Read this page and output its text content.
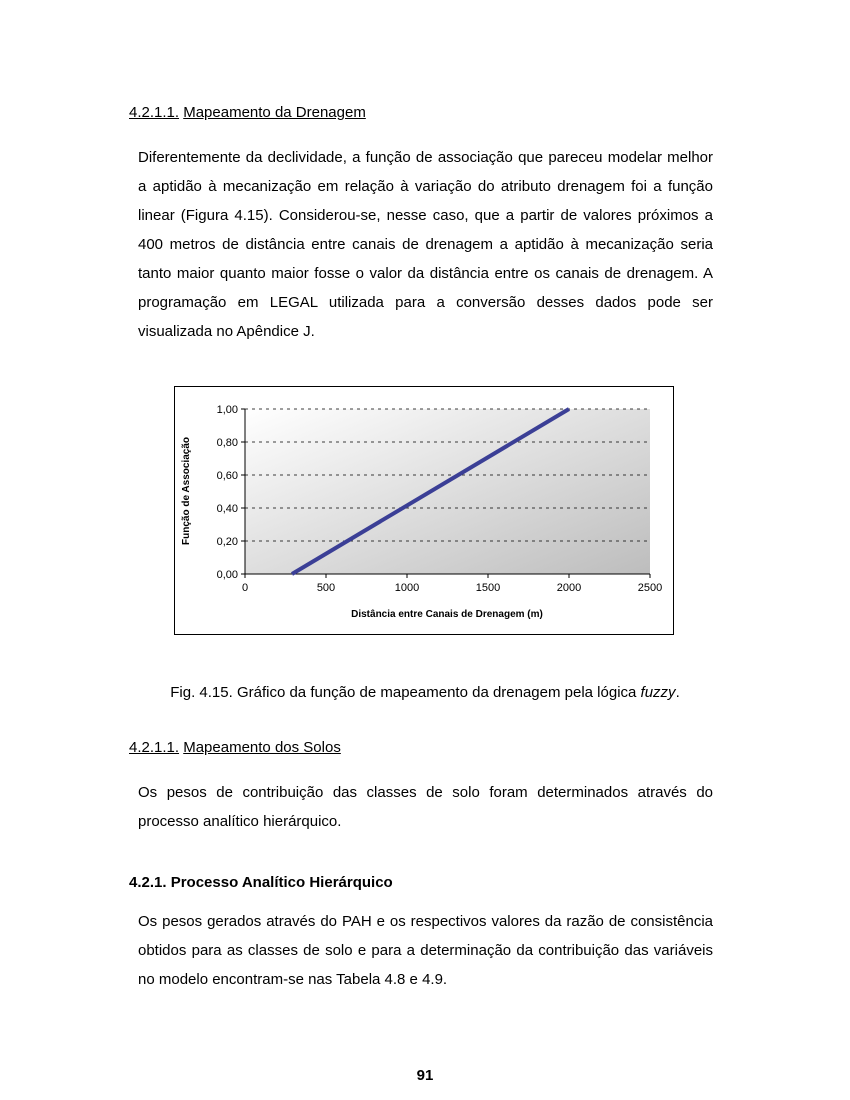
4.2.1.1. Mapeamento da Drenagem
Diferentemente da declividade, a função de associação que pareceu modelar melhor a aptidão à mecanização em relação à variação do atributo drenagem foi a função linear (Figura 4.15). Considerou-se, nesse caso, que a partir de valores próximos a 400 metros de distância entre canais de drenagem a aptidão à mecanização seria tanto maior quanto maior fosse o valor da distância entre os canais de drenagem. A programação em LEGAL utilizada para a conversão desses dados pode ser visualizada no Apêndice J.
0,00
0,20
0,40
0,60
0,80
1,00
0	500	1000	1500	2000	2500
Distância entre Canais de Drenagem (m)
Função de Associação
Fig. 4.15. Gráfico da função de mapeamento da drenagem pela lógica fuzzy.
4.2.1.1. Mapeamento dos Solos
Os pesos de contribuição das classes de solo foram determinados através do processo analítico hierárquico.
4.2.1. Processo Analítico Hierárquico
Os pesos gerados através do PAH e os respectivos valores da razão de consistência obtidos para as classes de solo e para a determinação da contribuição das variáveis no modelo encontram-se nas Tabela 4.8 e 4.9.
91
